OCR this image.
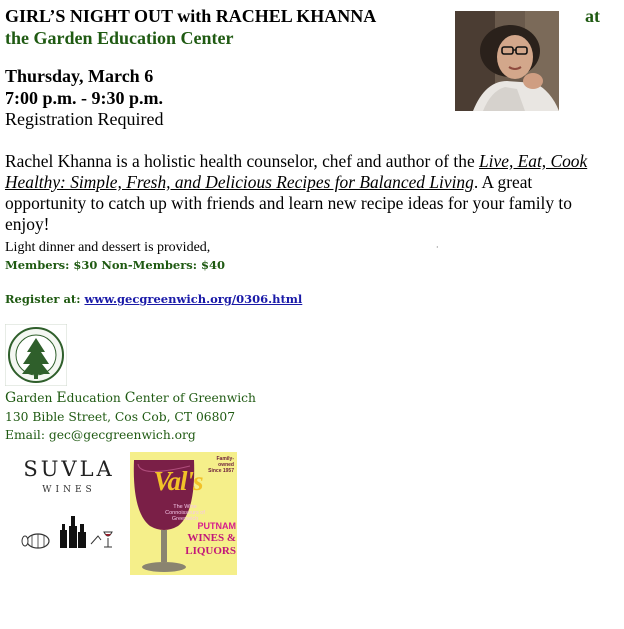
GIRL’S NIGHT OUT with RACHEL KHANNA
the Garden Education Center
at
Thursday, March 6
7:00 p.m. - 9:30 p.m.
Registration Required
Rachel Khanna is a holistic health counselor, chef and author of the Live, Eat, Cook Healthy: Simple, Fresh, and Delicious Recipes for Balanced Living. A great opportunity to catch up with friends and learn new recipe ideas for your family to enjoy!
Light dinner and dessert is provided,	·
Members: $30 Non-Members: $40
Register at: www.gecgreenwich.org/0306.html
Garden Education Center of Greenwich
130 Bible Street, Cos Cob, CT 06807
Email: gec@gecgreenwich.org
SUVLA
WINES
Family-owned
Since 1957
Val's
The Wine Connoisseurs of Greenwich
PUTNAM
WINES &
LIQUORS
